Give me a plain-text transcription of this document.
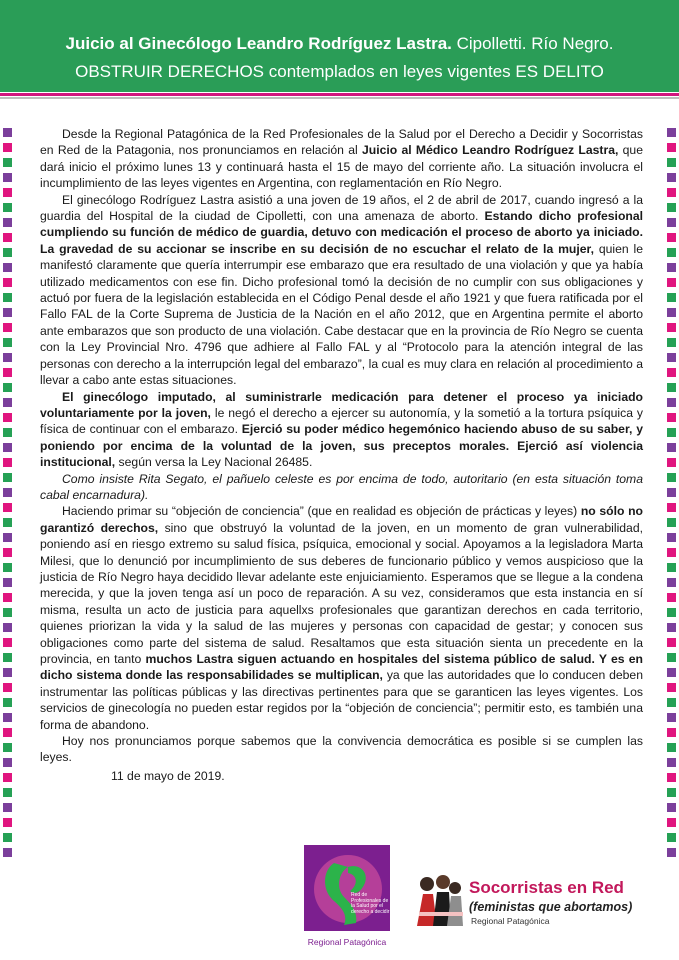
Juicio al Ginecólogo Leandro Rodríguez Lastra. Cipolletti. Río Negro.
OBSTRUIR DERECHOS contemplados en leyes vigentes ES DELITO

Desde la Regional Patagónica de la Red Profesionales de la Salud por el Derecho a Decidir y Socorristas en Red de la Patagonia, nos pronunciamos en relación al Juicio al Médico Leandro Rodríguez Lastra, que dará inicio el próximo lunes 13 y continuará hasta el 15 de mayo del corriente año. La situación involucra el incumplimiento de las leyes vigentes en Argentina, con reglamentación en Río Negro.

El ginecólogo Rodríguez Lastra asistió a una joven de 19 años, el 2 de abril de 2017, cuando ingresó a la guardia del Hospital de la ciudad de Cipolletti, con una amenaza de aborto. Estando dicho profesional cumpliendo su función de médico de guardia, detuvo con medicación el proceso de aborto ya iniciado. La gravedad de su accionar se inscribe en su decisión de no escuchar el relato de la mujer, quien le manifestó claramente que quería interrumpir ese embarazo que era resultado de una violación y que ya había utilizado medicamentos con ese fin. Dicho profesional tomó la decisión de no cumplir con sus obligaciones y actuó por fuera de la legislación establecida en el Código Penal desde el año 1921 y que fuera ratificada por el Fallo FAL de la Corte Suprema de Justicia de la Nación en el año 2012, que en Argentina permite el aborto ante embarazos que son producto de una violación. Cabe destacar que en la provincia de Río Negro se cuenta con la Ley Provincial Nro. 4796 que adhiere al Fallo FAL y al “Protocolo para la atención integral de las personas con derecho a la interrupción legal del embarazo”, la cual es muy clara en relación al procedimiento a llevar a cabo ante estas situaciones.

El ginecólogo imputado, al suministrarle medicación para detener el proceso ya iniciado voluntariamente por la joven, le negó el derecho a ejercer su autonomía, y la sometió a la tortura psíquica y física de continuar con el embarazo. Ejerció su poder médico hegemónico haciendo abuso de su saber, y poniendo por encima de la voluntad de la joven, sus preceptos morales. Ejerció así violencia institucional, según versa la Ley Nacional 26485.

Como insiste Rita Segato, el pañuelo celeste es por encima de todo, autoritario (en esta situación toma cabal encarnadura).

Haciendo primar su “objeción de conciencia” (que en realidad es objeción de prácticas y leyes) no sólo no garantizó derechos, sino que obstruyó la voluntad de la joven, en un momento de gran vulnerabilidad, poniendo así en riesgo extremo su salud física, psíquica, emocional y social. Apoyamos a la legisladora Marta Milesi, que lo denunció por incumplimiento de sus deberes de funcionario público y vemos auspicioso que la justicia de Río Negro haya decidido llevar adelante este enjuiciamiento. Esperamos que se llegue a la condena merecida, y que la joven tenga así un poco de reparación. A su vez, consideramos que esta instancia en sí misma, resulta un acto de justicia para aquellxs profesionales que garantizan derechos en cada territorio, quienes priorizan la vida y la salud de las mujeres y personas con capacidad de gestar; y conocen sus obligaciones como parte del sistema de salud. Resaltamos que esta situación sienta un precedente en la provincia, en tanto muchos Lastra siguen actuando en hospitales del sistema público de salud. Y es en dicho sistema donde las responsabilidades se multiplican, ya que las autoridades que lo conducen deben instrumentar las políticas públicas y las directivas pertinentes para que se garanticen las leyes vigentes. Los servicios de ginecología no pueden estar regidos por la “objeción de conciencia”; permitir esto, es también una forma de abandono.

Hoy nos pronunciamos porque sabemos que la convivencia democrática es posible si se cumplen las leyes.

11 de mayo de 2019.

Red de Profesionales de la Salud por el derecho a decidir
Regional Patagónica
Socorristas en Red
(feministas que abortamos)
Regional Patagónica
